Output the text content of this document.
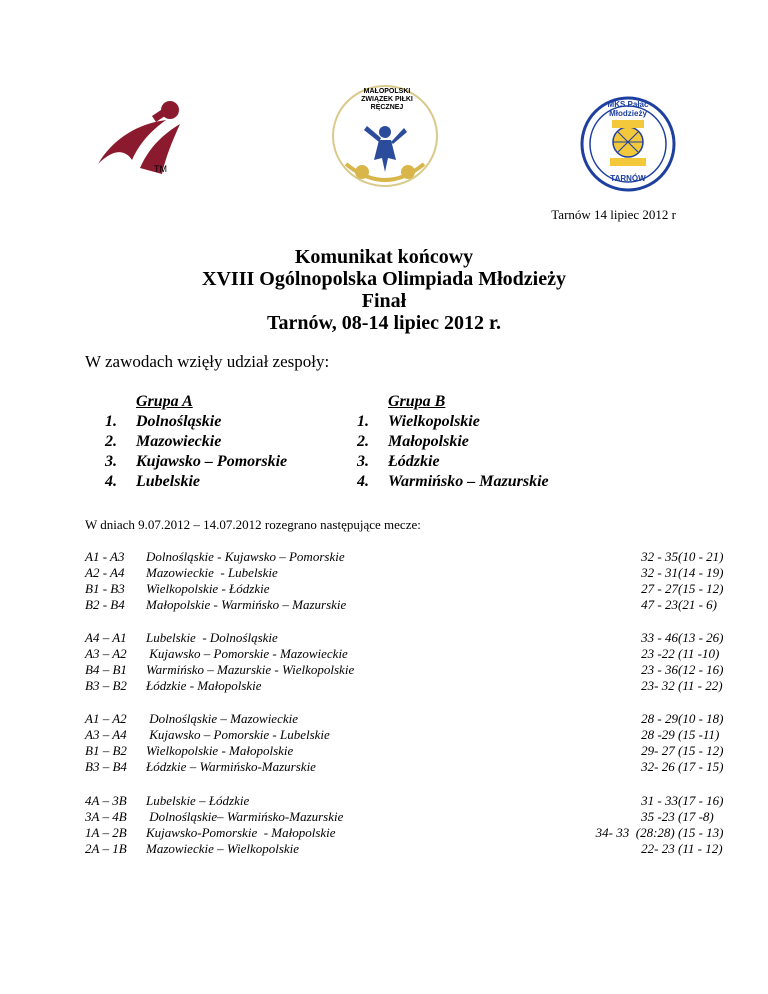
TM
MAŁOPOLSKI ZWIĄZEK PIŁKI RĘCZNEJ	MKS Pałac Młodzieży
TARNÓW
Tarnów 14 lipiec 2012 r
Komunikat końcowy
XVIII Ogólnopolska Olimpiada Młodzieży
Finał
Tarnów, 08-14 lipiec 2012 r.
W zawodach wzięły udział zespoły:
Grupa A
1.	Dolnośląskie
2.	Mazowieckie
3.	Kujawsko – Pomorskie
4.	Lubelskie
Grupa B
1.	Wielkopolskie
2.	Małopolskie
3.	Łódzkie
4.	Warmińsko – Mazurskie
W dniach 9.07.2012 – 14.07.2012 rozegrano następujące mecze:
A1 - A3	Dolnośląskie - Kujawsko – Pomorskie	32 - 35 (10 - 21)
A2 - A4	Mazowieckie  - Lubelskie	32 - 31 (14 - 19)
B1 - B3	Wielkopolskie - Łódzkie	27 - 27 (15 - 12)
B2 - B4	Małopolskie - Warmińsko – Mazurskie	47 - 23 (21 - 6)
A4 – A1	Lubelskie  - Dolnośląskie	33 - 46 (13 - 26)
A3 – A2	Kujawsko – Pomorskie - Mazowieckie	23 -22 (11 -10)
B4 – B1	Warmińsko – Mazurskie - Wielkopolskie	23 - 36 (12 - 16)
B3 – B2	Łódzkie - Małopolskie	23- 32 (11 - 22)
A1 – A2	Dolnośląskie – Mazowieckie	28 - 29 (10 - 18)
A3 – A4	Kujawsko – Pomorskie - Lubelskie	28 -29 (15 -11)
B1 – B2	Wielkopolskie - Małopolskie	29- 27 (15 - 12)
B3 – B4	Łódzkie – Warmińsko-Mazurskie	32- 26 (17 - 15)
4A – 3B	Lubelskie – Łódzkie	31 - 33 (17 - 16)
3A – 4B	Dolnośląskie– Warmińsko-Mazurskie	35 -23 (17 -8)
1A – 2B	Kujawsko-Pomorskie  - Małopolskie	34- 33  (28:28) (15 - 13)
2A – 1B	Mazowieckie – Wielkopolskie	22- 23 (11 - 12)
